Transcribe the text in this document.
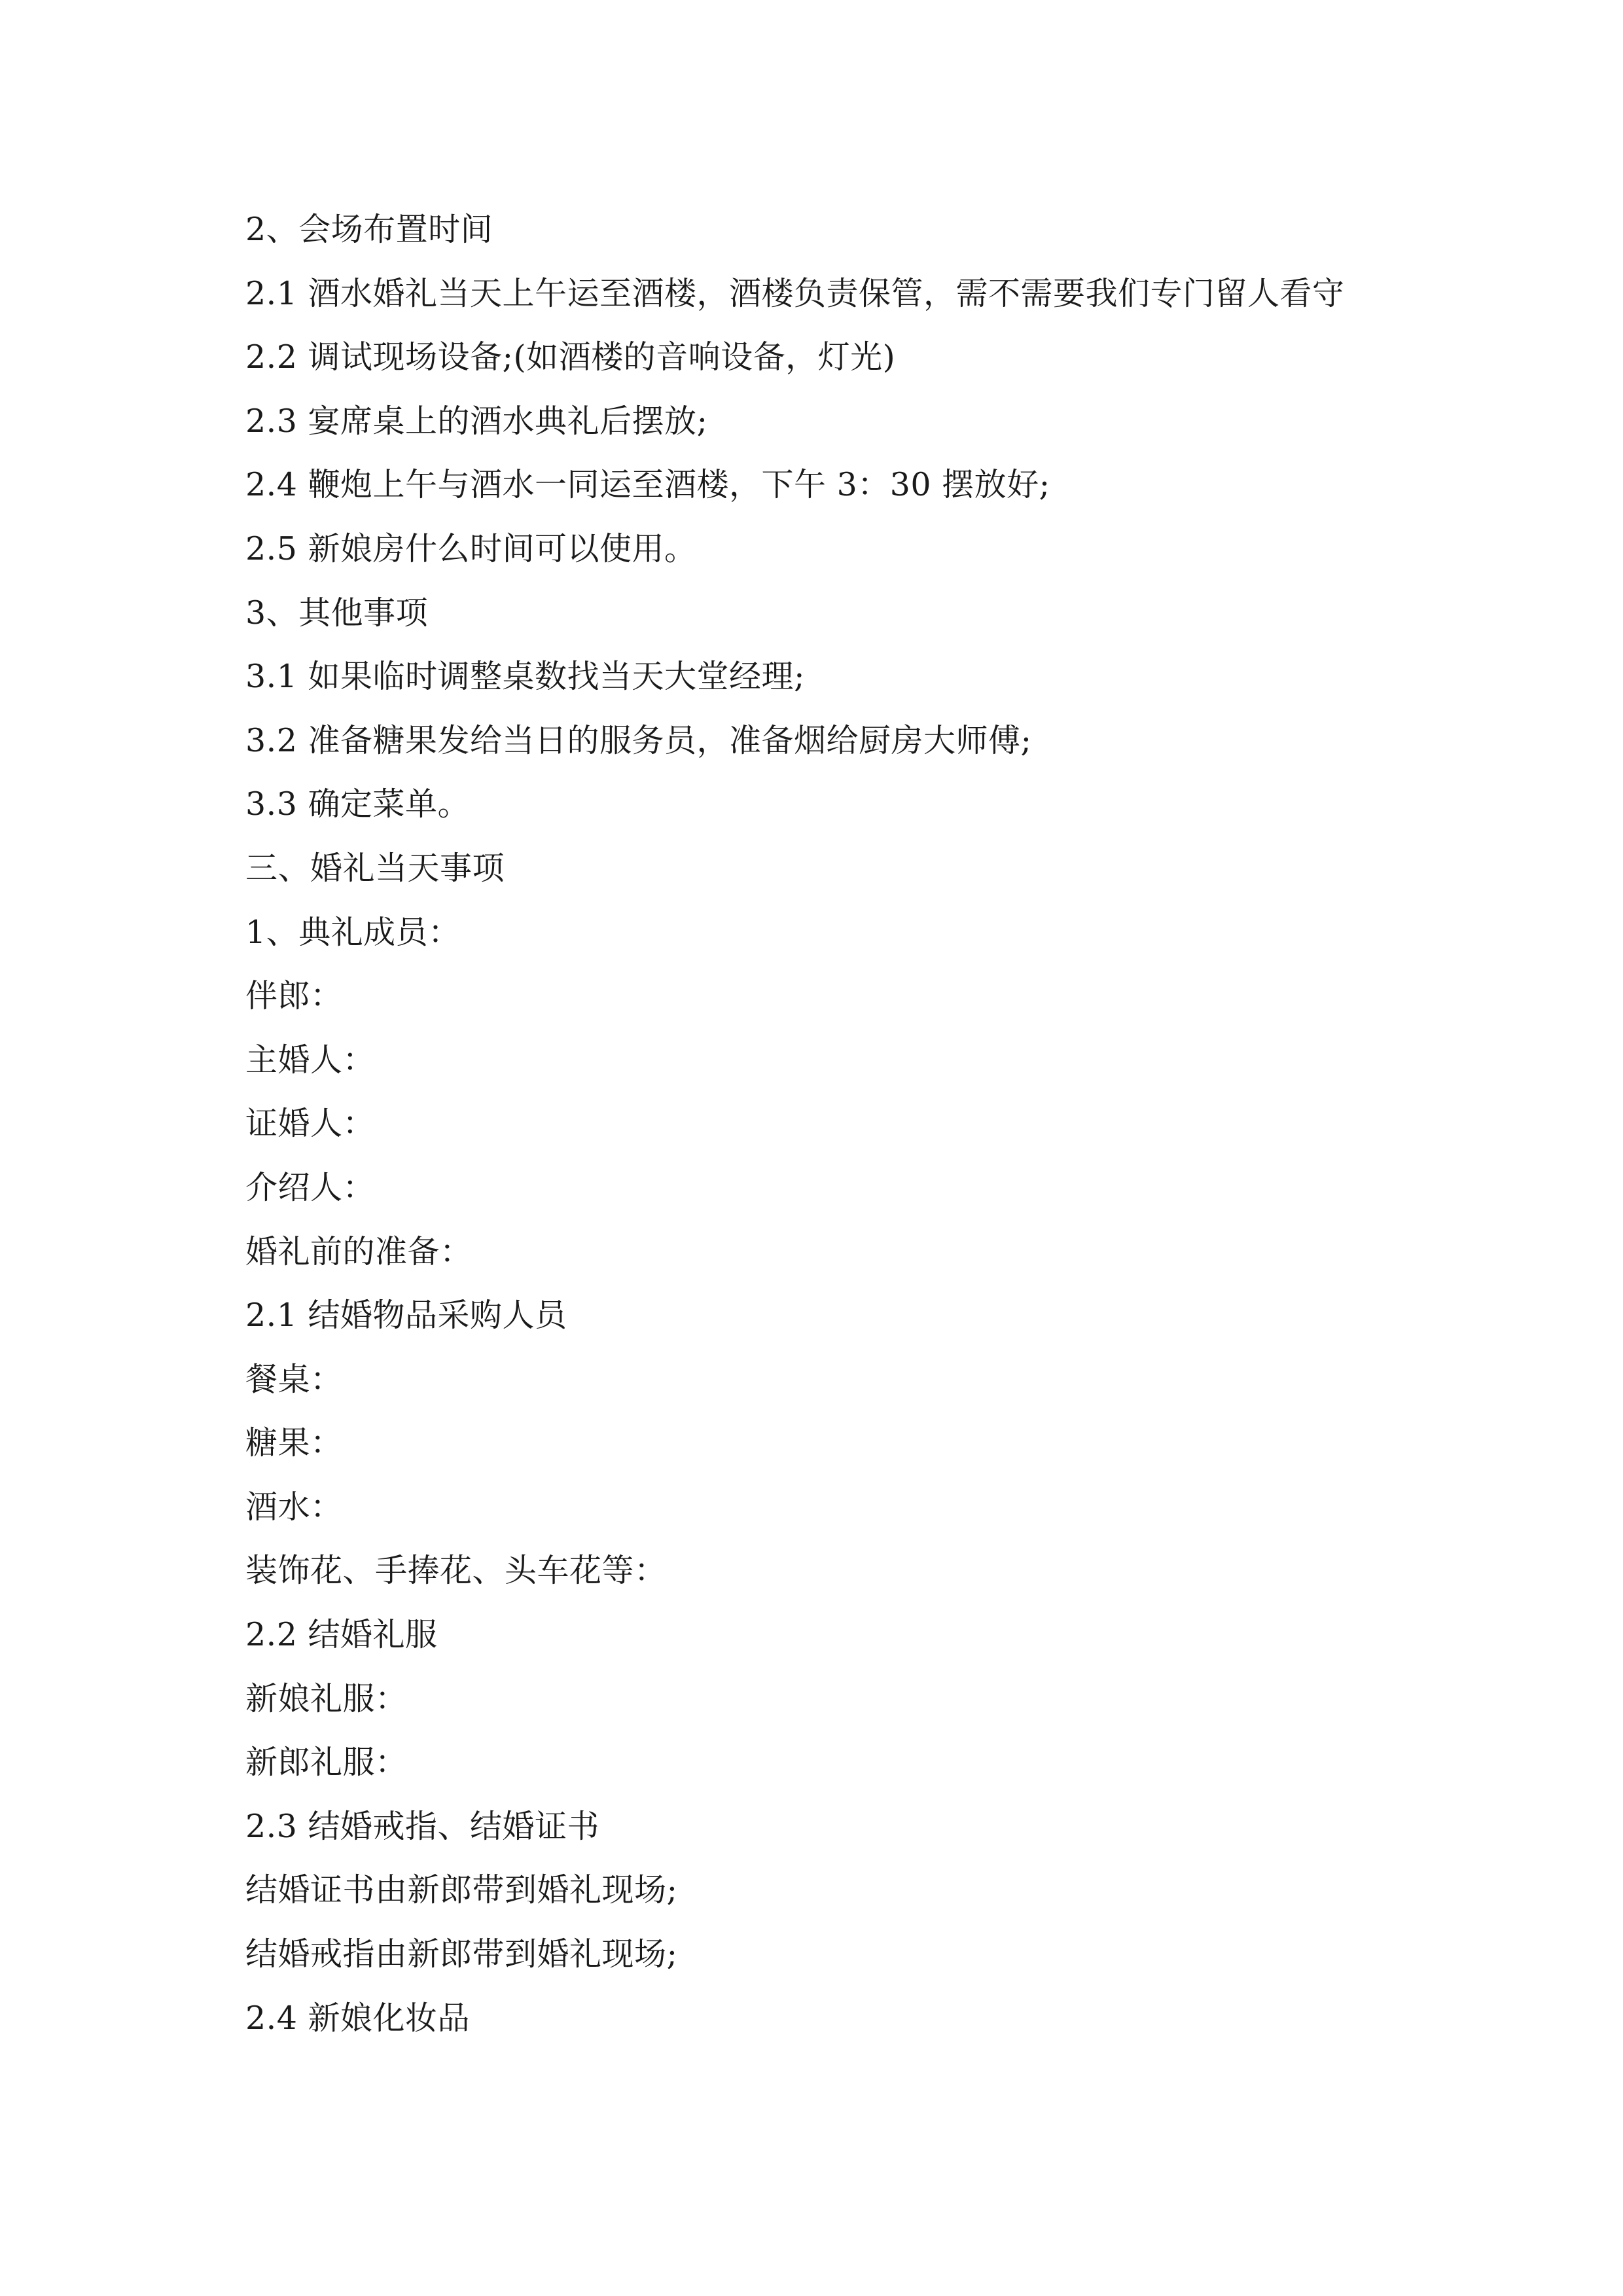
2、会场布置时间
2.1 酒水婚礼当天上午运至酒楼，酒楼负责保管，需不需要我们专门留人看守
2.2 调试现场设备;(如酒楼的音响设备，灯光)
2.3 宴席桌上的酒水典礼后摆放;
2.4 鞭炮上午与酒水一同运至酒楼，下午 3：30 摆放好;
2.5 新娘房什么时间可以使用。
3、其他事项
3.1 如果临时调整桌数找当天大堂经理;
3.2 准备糖果发给当日的服务员，准备烟给厨房大师傅;
3.3 确定菜单。
三、婚礼当天事项
1、典礼成员：
伴郎：
主婚人：
证婚人：
介绍人：
婚礼前的准备：
2.1 结婚物品采购人员
餐桌：
糖果：
酒水：
装饰花、手捧花、头车花等：
2.2 结婚礼服
新娘礼服：
新郎礼服：
2.3 结婚戒指、结婚证书
结婚证书由新郎带到婚礼现场;
结婚戒指由新郎带到婚礼现场;
2.4 新娘化妆品
